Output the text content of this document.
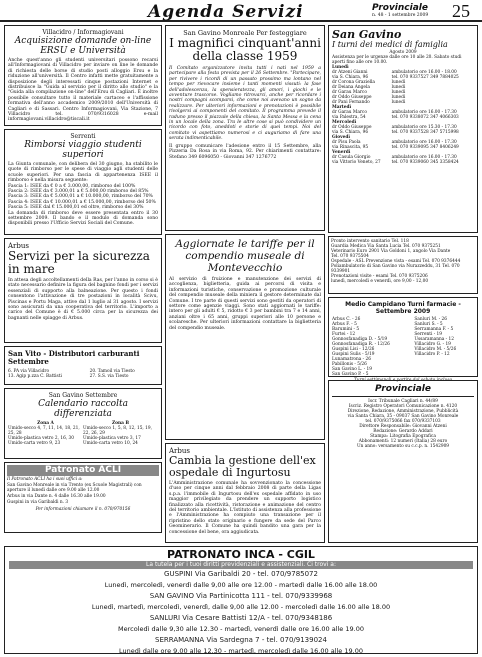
Agenda Servizi	Provinciale
n. 48 - 1 settembre 2009 25
Villacidro / Informagiovani
Acquisizione domande on-line ERSU e Università
Anche quest'anno gli studenti universitari possono recarsi all'Informagiovani di Villacidro per inviare on line le domande di richiesta delle borse di studio posti alloggio Ersu e la riduzione all'università. Il Centro infatti mette gratuitamente a disposizione degli interessati cinque postazioni Internet e distribuisce la "Guida al servizio per il diritto allo studio" e la "Guida alla compilazione on-line" dell'Ersu di Cagliari. È inoltre possibile consultare tutto il materiale cartaceo e l'affissione formativa dell'anno accademico 2009/2010 dell'Università di Cagliari e di Sassari. Centro Informagiovani, Via Stazione, 7 Villacidro tel. 070/9316028 e-mail informagiovani.villacidro@tiscali.it
Serrenti
Rimborsi viaggio studenti superiori
La Giunta comunale, con delibera del 30 giugno, ha stabilito le quote di rimborso per le spese di viaggio agli studenti delle scuole superiori. Per una fascia di appartenenza ISEE il rimborso è nella misura seguente:
Fascia 1: ISEE da € 0 a € 3.000,00, rimborso del 100%
Fascia 2: ISEE da € 3.000,01 a € 5.000,00 rimborso del 85%
Fascia 3: ISEE da € 5.000,01 a € 10.000,00, rimborso del 70%
Fascia 4: ISEE da € 10.000,01 a € 15.000,00, rimborso del 50%
Fascia 5: ISEE dal € 15.000,01 ed oltre, rimborso del 30%
La domanda di rimborso deve essere presentata entro il 30 settembre 2009. Il bando e il modulo di domanda sono disponibili presso l'Ufficio Servizi Sociali del Comune.
Arbus
Servizi per la sicurezza in mare
In attesa degli accoltellamenti della Ras, per l'anno in corso si è stato necessario definire la figura del bagnino fondi per i servizi essenziali di supporto alla balneazione. Per questo i fondi consentono l'attivazione di tre postazioni in località Scivu, Piscinas e Portu Maga, attive dal 1 luglio al 31 agosto. I servizi sono assicurati da una cooperativa del territorio. L'importo a carico del Comune è di € 5.000 circa per la sicurezza dei bagnanti nelle spiagge di Arbus.
San Vito - Distributori carburanti Settembre
6. PA via Villacidro	20. Tamoil via Tiesto
13. Agip p.zza C. Battisti	27. S.S. via Tiesto
San Gavino Settembre
Calendario raccolta differenziata
Zona A	Zona B
Umido-secco 4, 7, 11, 14, 18, 21, 25, 28	Umido-secco 1, 5, 8, 12, 15, 19, 22, 26, 29
Umido-plastica vetro 2, 16, 30	Umido-plastica vetro 3, 17
Umido-carta vetro 9, 23	Umido-carta vetro 10, 24
Patronato ACLI
Il Patronato ACLI ha i suoi uffici a:
San Gavino Monreale in via Trento (ex Scuole Magistrali) con aperture il lunedì dalle ore 9.00 alle 12.00
Arbus in via Dante n. 4 dalle 16.30 alle 19.00
Guspini in via Garibaldi n. 3
Per informazioni chiamare il n. 070/970156
San Gavino Monreale Per festeggiare
I magnifici cinquant'anni della classe 1959
Il Comitato organizzatore invita tutti i nati nel 1959 a partecipare alla festa prevista per il 26 Settembre. "Partecipare, per rivivere i ricordi di un passato prossimo ma lontano nel tempo per rievocare insieme i tanti momenti vissuti: la fase dell'adolescenza, la spensieratezza, gli amori, i giochi e le avventure trascorse. Vogliamo ritrovarci, anche per ricordare i nostri compagni scomparsi, che come noi avevano un sogno da realizzare. Per ulteriori informazioni e prenotazioni è possibile rivolgersi ai componenti del comitato. Il programma prevede il raduno presso il piazzale della chiesa, la Santa Messa e la cena in un locale della zona. Tra le altre cose si può condividere un ricordo con foto, aneddoti e storie di quei tempi. Noi del comitato vi aspettiamo numerosi e ci auguriamo di fare una serata indimenticabile.
Il gruppo comunicare l'adesione entro il 15 Settembre, alla Pizzeria Da Rosa in via Roma, 92. Per chiarimenti contattare: Stefano 349 6096050 - Giovanni 347 1276772
Aggiornate le tariffe per il compendio museale di Montevecchio
Al servizio di fruizione e manutenzione dei servizi di accoglienza, biglietteria, guida ai percorsi di visita e informazioni turistiche, conservazione e promozione culturale del compendio museale della miniera il gestore determinate dal Comune. I tre parte di questi servizi sono gestiti da operatori di settore come agenzie viaggi. Sono stati aggiornati le tariffe: intero per gli adulti € 5, ridotto € 3 per bambini tra 7 e 14 anni, anziani oltre i 65 anni, gruppi superiori alle 10 persone e scolaresche. Per ulteriori informazioni contattare la biglietteria del compendio museale.
Arbus
Cambia la gestione dell'ex ospedale di Ingurtosu
L'Amministrazione comunale ha sovvenzionato la concessione d'uso per cinque anni dal febbraio 2008 di parte della Ligas s.p.a. l'immobile di Ingurtosu dell'ex ospedale affidato in uso maggior privilegiato da prendere un supporto logistico finalizzato alla ricettività, ristorazione e animazione del centro del territorio ambientale. L'Istituto di assistenza alla professione e l'Amministrazione ha compiuto una transazione per il ripristino dello stato originario e fungere da sede del Parco Geominerario. Il Comune ha quindi bandito una gara per la concessione del bene, ora aggiudicata.
San Gavino
I turni dei medici di famiglia
Agosto 2009
Assistenza per le urgenze dalle ore 10 alle 20. Sabato studi aperti fino alle ore 10.00.
Lunedì	
dr Atzeni Gianni	ambulatorio ore 16.00 - 18.00
via S. Chiara, 96	tel. 070 9337527 349 7884025
dr Corona Graziella	lunedì
dr Deiana Angela	lunedì
dr Garau Marco	lunedì
dr Oddo Giuseppe	lunedì
dr Pani Fernando	lunedì
Martedì	
dr Garau Marco	ambulatorio ore 16.00 - 17.30
via Palestra, 54	tel. 070 9338072 347 4066303
Mercoledì	
dr Oddo Giuseppe	ambulatorio ore 15.30 - 17.30
via S. Chiara, 96	tel. 070 9337528 347 5715998
Giovedì	
dr Pisu Paola	ambulatorio ore 16.00 - 17.30
via Rinascita, 95	tel. 070 9339095 347 8406249
Venerdì	
dr Casula Giorgio	ambulatorio ore 16.00 - 17.30
via Vittorio Veneto, 27	tel. 070 9339060 345 3358424
Pronto intervento sanitario Tel. 118
Guardia Medica Via Santa Lucia Tel. 070 9375251
Veterinario Euro 2901 Via Goldoni 1, angolo Via Dante
Tel. 070 9375504
Ospedale - ASL Prevenzione vista - esami Tel. 070 9376444
Poliambulatorio di San Gavino via Nurazzeddu, 31 Tel. 070 9339901
Prenotazioni visite - esami Tel. 070 9375206
lunedì, mercoledì e venerdì, ore 9,00 - 12,00
Medio Campidano Turni farmacie - Settembre 2009
Arbus C. - 26	Sanluri M. - 26
Arbus F. - 5	Sanluri S. - 5
Barumini - 5	Serramanna F. - 5
Furtei - 12	Serrenti - 19
Gonnosfanadiga D. - 5/19	Ussaramanna - 12
Gonnosfanadiga R. - 12/26	Villacidro G. - 19
Guspini Lisi - 12/26	Villacidro M. - 5/26
Guspini Sulis - 5/19	Villacidro P. - 12
Lunamatrona - 26	
Pabillonis - 5/26	
San Gavino L. - 19	
San Gavino P. - 5	
Turni settimanali e partite dal sabato incluso
Provinciale
Iscr. Tribunale Cagliari n. 44/89
Iscriz. Registro Operatori Comunicazione n. 4120
Direzione, Redazione, Amministrazione, Pubblicità
via Santa Chiara, 35 - 09037 San Gavino Monreale
tel. 070/9375066 fax 070/9337103
Direttore Responsabile: Giovanni Atzeni
Redazione: Gerardo Addari
Stampa: Litografia Epografica
Abbonamenti: 12 numeri (Italia) 28 euro
Un anno: versamento su c.c.p. n. 1542909
PATRONATO INCA - CGIL
La tutela per i tuoi diritti previdenziali e assistenziali. Ci trovi a:
GUSPINI Via Garibaldi 20 - tel. 070/9785072
Lunedì, mercoledì, venerdì dalle 9,00 alle ore 12.00 - martedì dalle 16.00 alle 18.00
SAN GAVINO Via Partinicotta 111 - tel. 070/9339968
Lunedì, martedì, mercoledì, venerdì, dalle 9,00 alle 12.00 - mercoledì dalle 16.00 alle 18.00
SANLURI Via Cesare Battisti 12/A - tel. 070/9348186
Mercoledì dalle 9,30 alle 12.30 - martedì, venerdì dalle ore 16.00 alle 19.00
SERRAMANNA Via Sardegna 7 - tel. 070/9139024
Lunedì dalle ore 9.00 alle 12.30 - martedì, mercoledì dalle 16.00 alle 19.00
